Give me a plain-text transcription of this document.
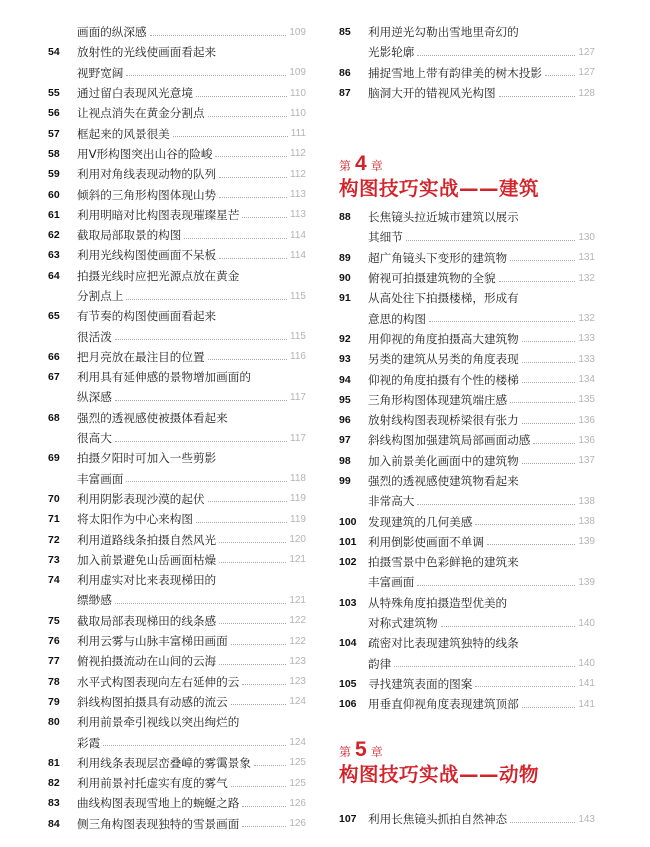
画面的纵深感	109
54	放射性的光线使画面看起来
视野宽阔	109
55	通过留白表现风光意境	110
56	让视点消失在黄金分割点	110
57	框起来的风景很美	111
58	用V形构图突出山谷的险峻	112
59	利用对角线表现动物的队列	112
60	倾斜的三角形构图体现山势	113
61	利用明暗对比构图表现璀璨星芒	113
62	截取局部取景的构图	114
63	利用光线构图使画面不呆板	114
64	拍摄光线时应把光源点放在黄金
分割点上	115
65	有节奏的构图使画面看起来
很活泼	115
66	把月亮放在最注目的位置	116
67	利用具有延伸感的景物增加画面的
纵深感	117
68	强烈的透视感使被摄体看起来
很高大	117
69	拍摄夕阳时可加入一些剪影
丰富画面	118
70	利用阴影表现沙漠的起伏	119
71	将太阳作为中心来构图	119
72	利用道路线条拍摄自然风光	120
73	加入前景避免山岳画面枯燥	121
74	利用虚实对比来表现梯田的
缥缈感	121
75	截取局部表现梯田的线条感	122
76	利用云雾与山脉丰富梯田画面	122
77	俯视拍摄流动在山间的云海	123
78	水平式构图表现向左右延伸的云	123
79	斜线构图拍摄具有动感的流云	124
80	利用前景牵引视线以突出绚烂的
彩霞	124
81	利用线条表现层峦叠嶂的雾霭景象	125
82	利用前景衬托虚实有度的雾气	125
83	曲线构图表现雪地上的蜿蜒之路	126
84	侧三角构图表现独特的雪景画面	126
85	利用逆光勾勒出雪地里奇幻的
光影轮廓	127
86	捕捉雪地上带有韵律美的树木投影	127
87	脑洞大开的错视风光构图	128
第 4 章
构图技巧实战——建筑
88	长焦镜头拉近城市建筑以展示
其细节	130
89	超广角镜头下变形的建筑物	131
90	俯视可拍摄建筑物的全貌	132
91	从高处往下拍摄楼梯，形成有
意思的构图	132
92	用仰视的角度拍摄高大建筑物	133
93	另类的建筑从另类的角度表现	133
94	仰视的角度拍摄有个性的楼梯	134
95	三角形构图体现建筑端庄感	135
96	放射线构图表现桥梁很有张力	136
97	斜线构图加强建筑局部画面动感	136
98	加入前景美化画面中的建筑物	137
99	强烈的透视感使建筑物看起来
非常高大	138
100 发现建筑的几何美感	138
101 利用倒影使画面不单调	139
102 拍摄雪景中色彩鲜艳的建筑来
丰富画面	139
103 从特殊角度拍摄造型优美的
对称式建筑物	140
104 疏密对比表现建筑独特的线条
韵律	140
105 寻找建筑表面的图案	141
106 用垂直仰视角度表现建筑顶部	141
第 5 章
构图技巧实战——动物
107 利用长焦镜头抓拍自然神态	143
